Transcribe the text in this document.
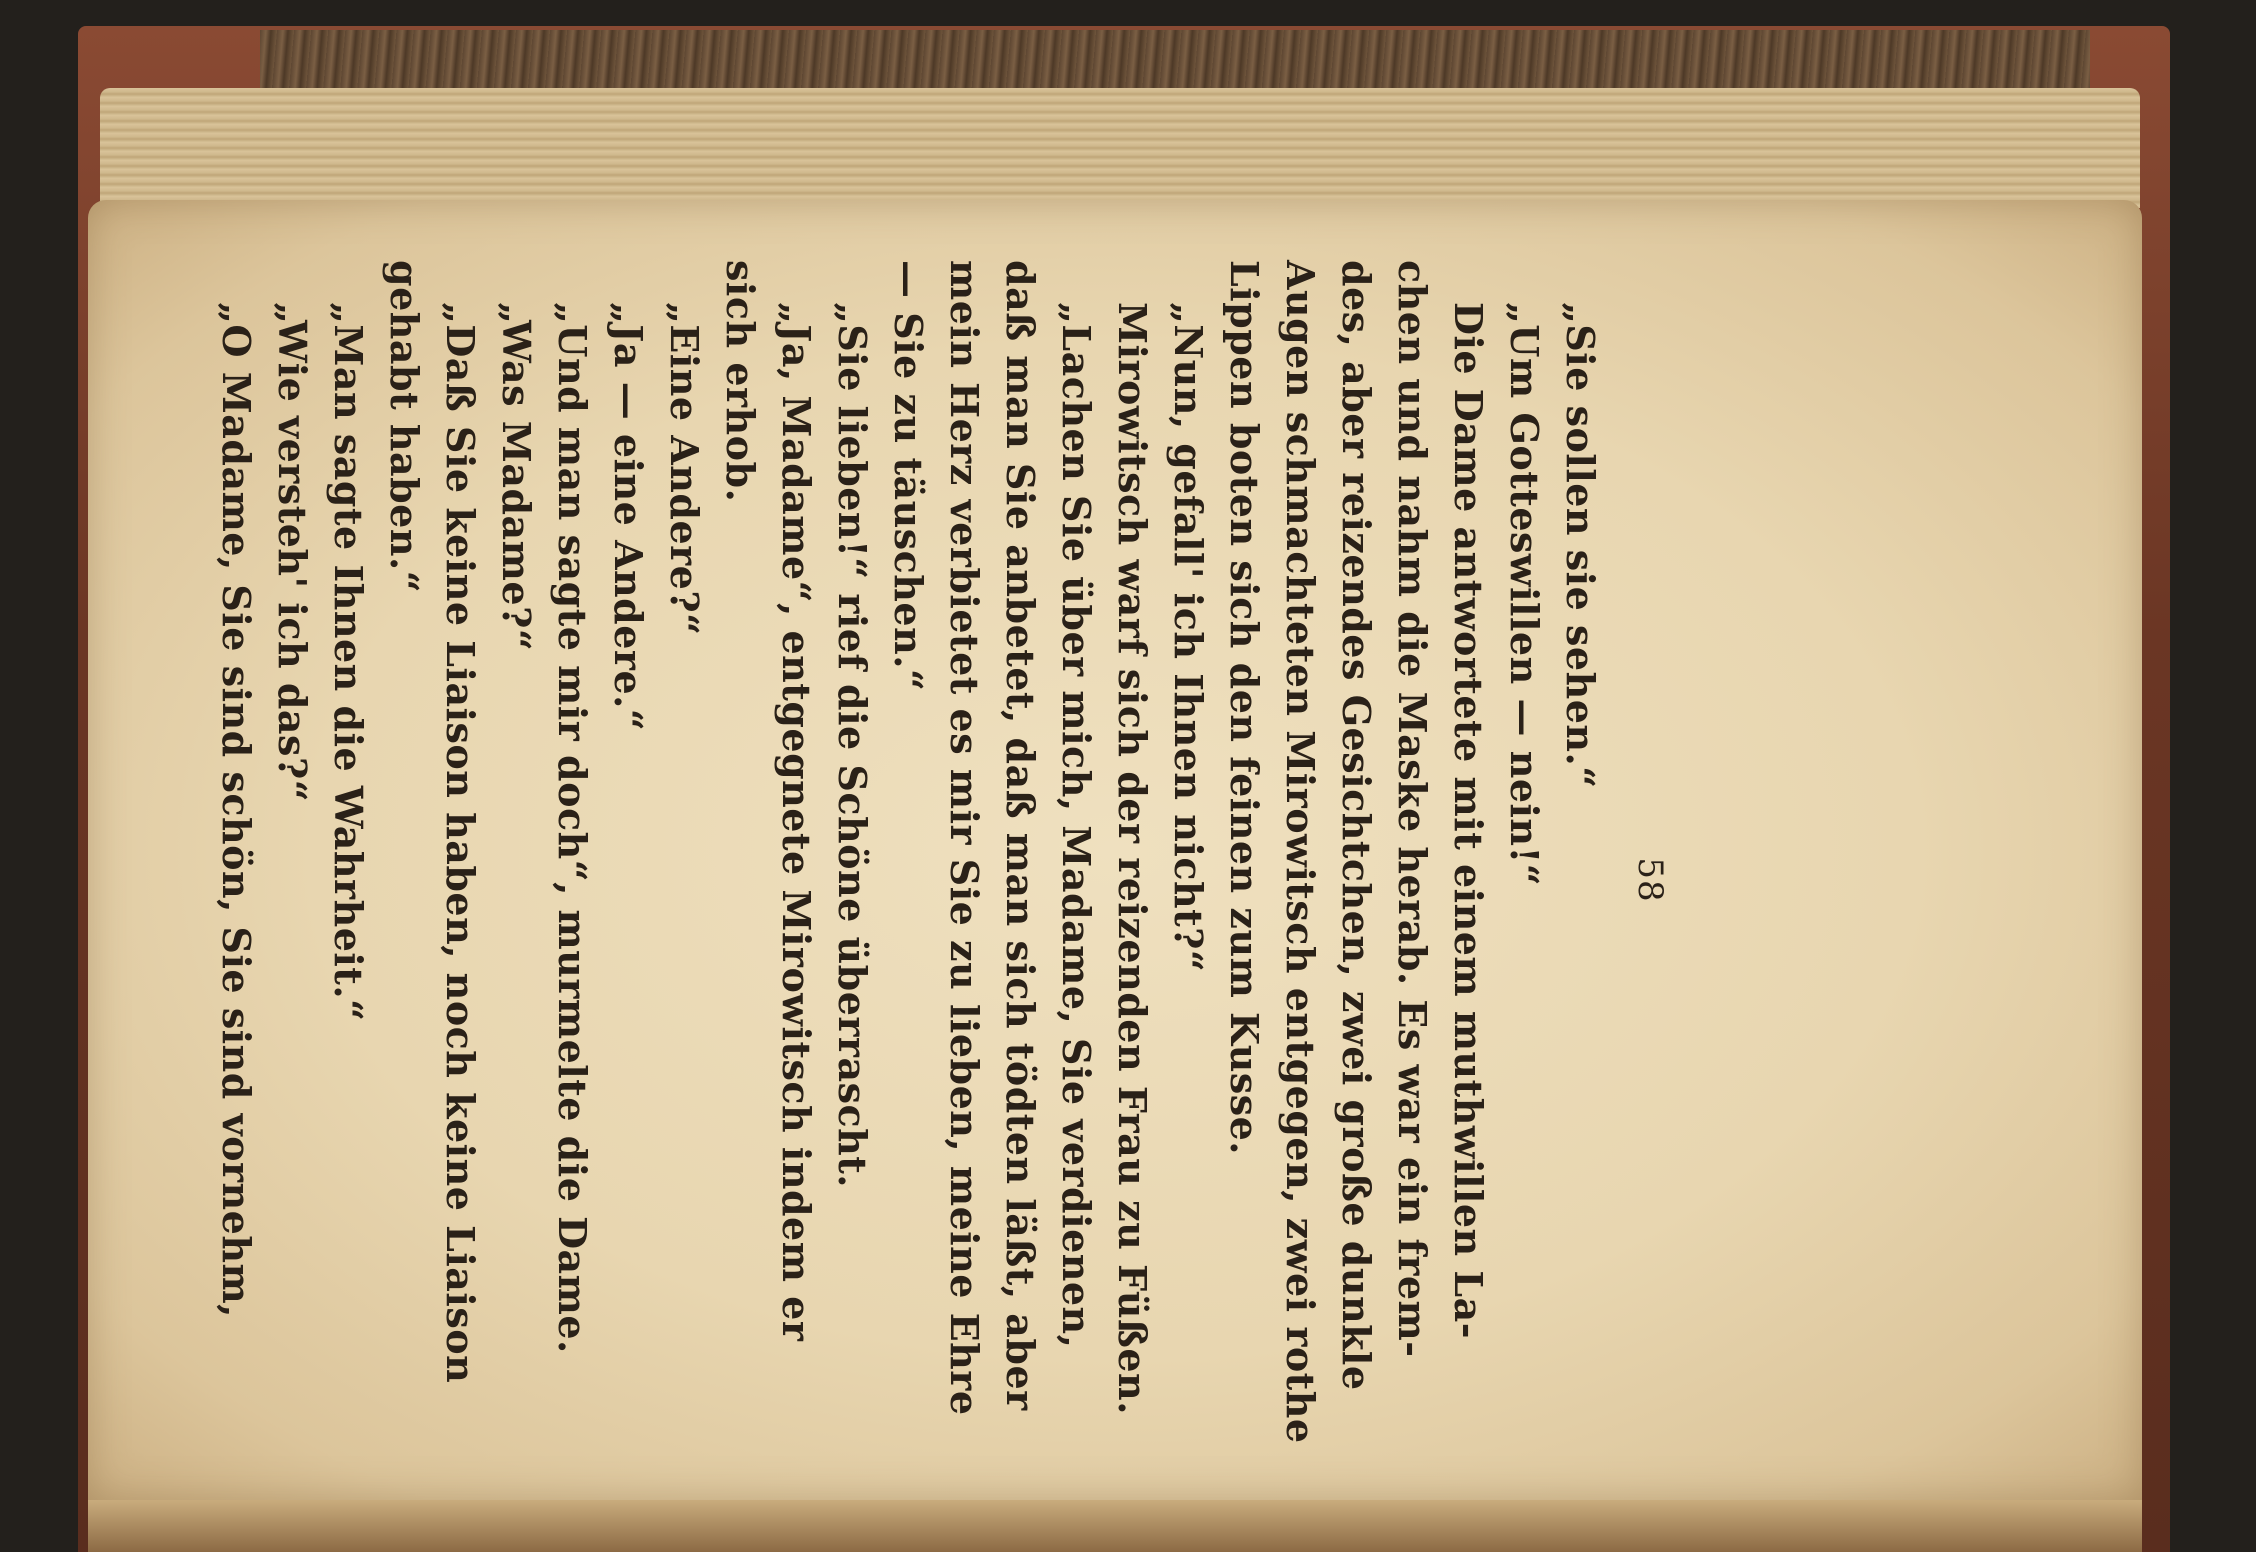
58
„Sie sollen sie sehen.“
„Um Gotteswillen — nein!“
Die Dame antwortete mit einem muthwillen La-
chen und nahm die Maske herab. Es war ein frem-
des, aber reizendes Gesichtchen, zwei große dunkle
Augen schmachteten Mirowitsch entgegen, zwei rothe
Lippen boten sich den feinen zum Kusse.
„Nun, gefall' ich Ihnen nicht?“
Mirowitsch warf sich der reizenden Frau zu Füßen.
„Lachen Sie über mich, Madame, Sie verdienen,
daß man Sie anbetet, daß man sich tödten läßt, aber
mein Herz verbietet es mir Sie zu lieben, meine Ehre
— Sie zu täuschen.“
„Sie lieben!“ rief die Schöne überrascht.
„Ja, Madame“, entgegnete Mirowitsch indem er
sich erhob.
„Eine Andere?“
„Ja — eine Andere.“
„Und man sagte mir doch“, murmelte die Dame.
„Was Madame?“
„Daß Sie keine Liaison haben, noch keine Liaison
gehabt haben.“
„Man sagte Ihnen die Wahrheit.“
„Wie versteh' ich das?“
„O Madame, Sie sind schön, Sie sind vornehm,
